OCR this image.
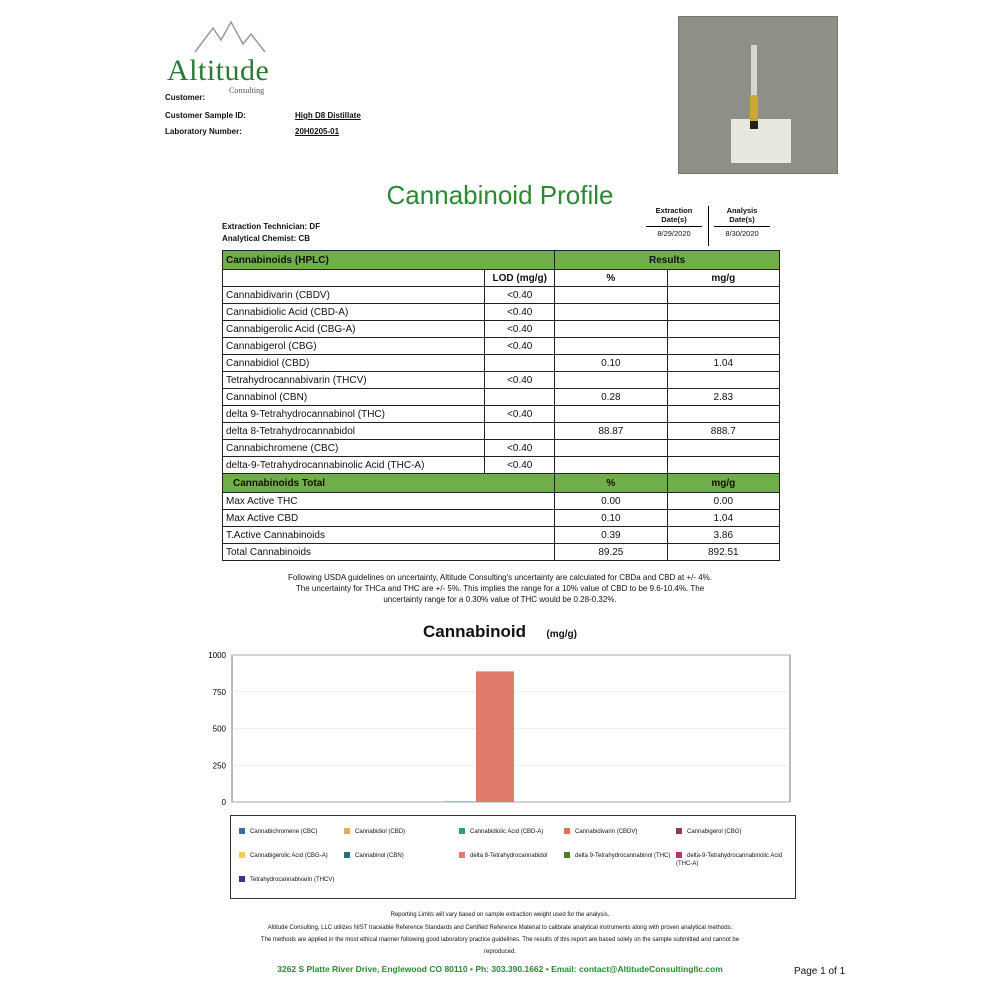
Altitude
Consulting
Customer:
Customer Sample ID:	High D8 Distillate
Laboratory Number:	20H0205-01
Cannabinoid Profile
Extraction Technician: DF
Analytical Chemist: CB
Extraction Date(s)
8/29/2020
Analysis Date(s)
8/30/2020
Cannabinoids (HPLC)		Results	
	LOD (mg/g)	%	mg/g
Cannabidivarin (CBDV)	<0.40		
Cannabidiolic Acid (CBD-A)	<0.40		
Cannabigerolic Acid (CBG-A)	<0.40		
Cannabigerol (CBG)	<0.40		
Cannabidiol (CBD)		0.10	1.04
Tetrahydrocannabivarin (THCV)	<0.40		
Cannabinol (CBN)		0.28	2.83
delta 9-Tetrahydrocannabinol (THC)	<0.40		
delta 8-Tetrahydrocannabidol		88.87	888.7
Cannabichromene (CBC)	<0.40		
delta-9-Tetrahydrocannabinolic Acid (THC-A)	<0.40		
Cannabinoids Total		%	mg/g
Max Active THC		0.00	0.00
Max Active CBD		0.10	1.04
T.Active Cannabinoids		0.39	3.86
Total Cannabinoids		89.25	892.51
Following USDA guidelines on uncertainty, Altitude Consulting's uncertainty are calculated for CBDa and CBD at +/- 4%.
The uncertainty for THCa and THC are +/- 5%. This implies the range for a 10% value of CBD to be 9.6-10.4%. The
uncertainty range for a 0.30% value of THC would be 0.28-0.32%.
Cannabinoid (mg/g)
1000
750
500
250
0
Cannabichromene (CBC)	Cannabidiol (CBD)	Cannabidiolic Acid (CBD-A)	Cannabidivarin (CBDV)	Cannabigerol (CBG)
Cannabigerolic Acid (CBG-A)	Cannabinol (CBN)	delta 8-Tetrahydrocannabidol	delta 9-Tetrahydrocannabinol (THC)	delta-9-Tetrahydrocannabinolic Acid (THC-A)
Tetrahydrocannabivarin (THCV)
Reporting Limits will vary based on sample extraction weight used for the analysis.
Altitude Consulting, LLC utilizes NIST traceable Reference Standards and Certified Reference Material to calibrate analytical instruments along with proven analytical methods.
The methods are applied in the most ethical manner following good laboratory practice guidelines. The results of this report are based solely on the sample submitted and cannot be
reproduced.
3262 S Platte River Drive, Englewood CO 80110 • Ph: 303.390.1662 • Email: contact@AltitudeConsultingllc.com	Page 1 of 1
